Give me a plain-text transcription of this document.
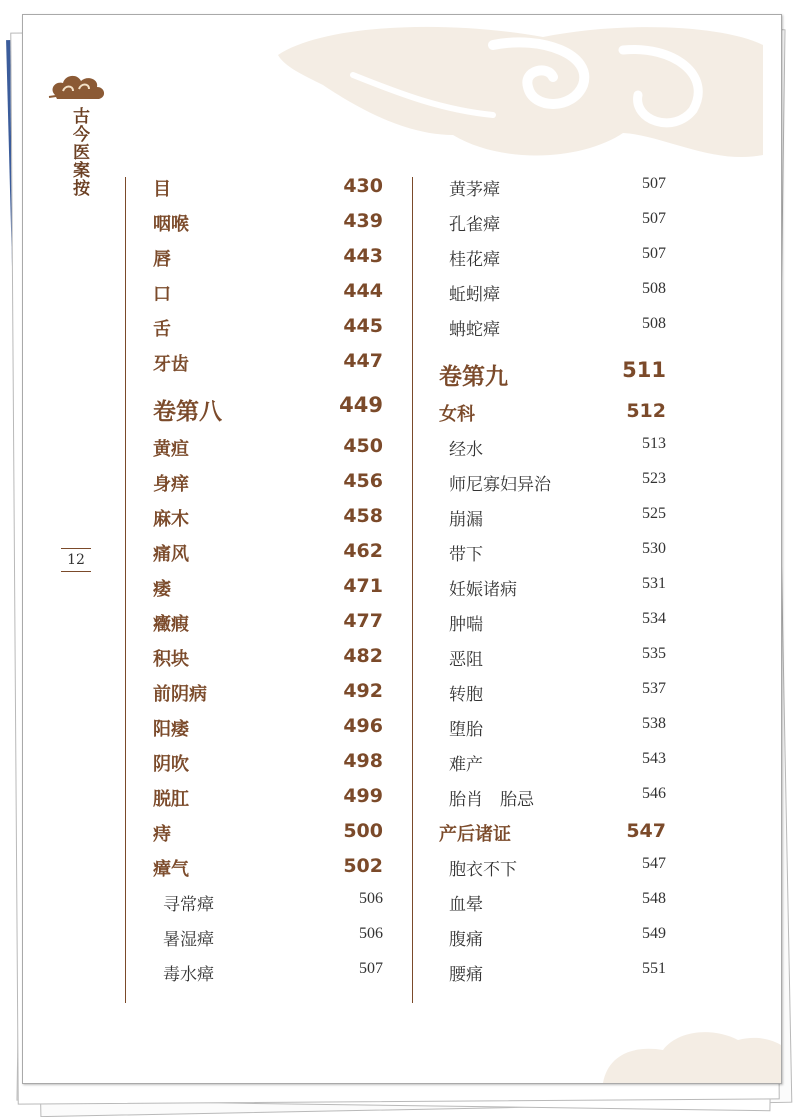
古今医案按
12
目	430
咽喉	439
唇	443
口	444
舌	445
牙齿	447
卷第八	449
黄疸	450
身痒	456
麻木	458
痛风	462
痿	471
癥瘕	477
积块	482
前阴病	492
阳痿	496
阴吹	498
脱肛	499
痔	500
瘴气	502
寻常瘴	506
暑湿瘴	506
毒水瘴	507
黄茅瘴	507
孔雀瘴	507
桂花瘴	507
蚯蚓瘴	508
蚺蛇瘴	508
卷第九	511
女科	512
经水	513
师尼寡妇异治	523
崩漏	525
带下	530
妊娠诸病	531
肿喘	534
恶阻	535
转胞	537
堕胎	538
难产	543
胎肖　胎忌	546
产后诸证	547
胞衣不下	547
血晕	548
腹痛	549
腰痛	551
